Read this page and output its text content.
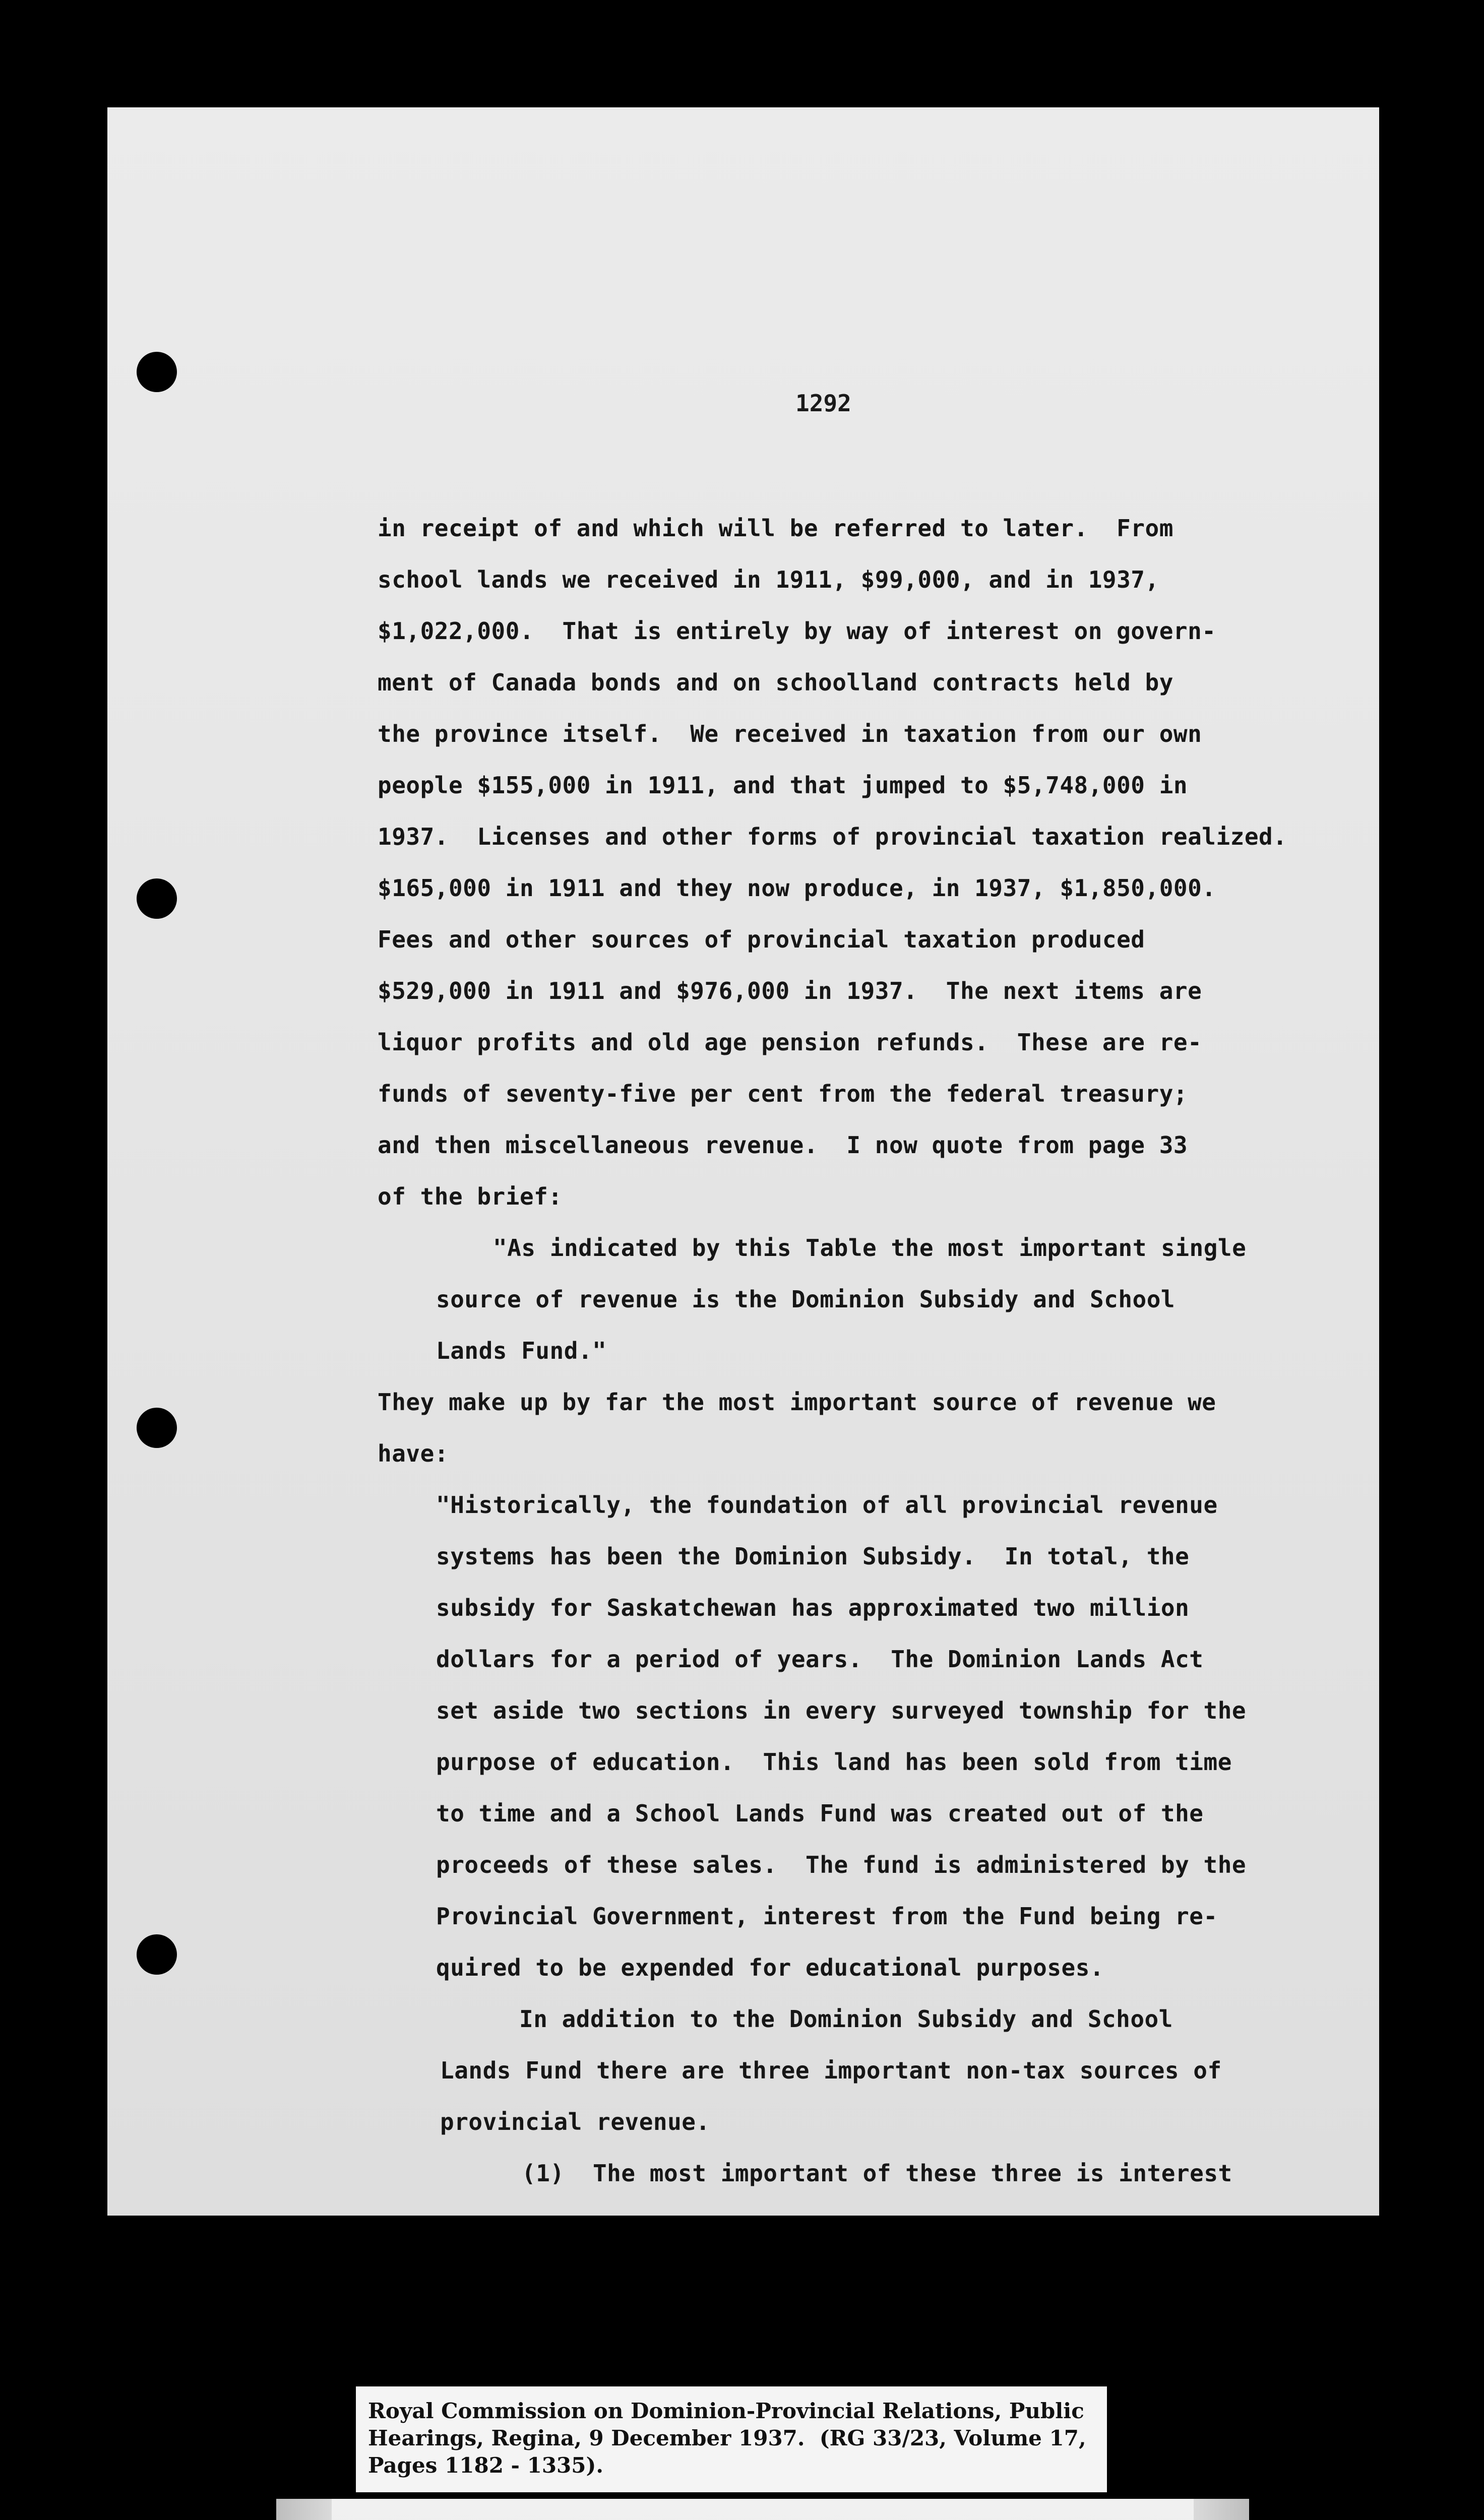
1292
in receipt of and which will be referred to later.  From
school lands we received in 1911, $99,000, and in 1937,
$1,022,000.  That is entirely by way of interest on govern-
ment of Canada bonds and on schoolland contracts held by
the province itself.  We received in taxation from our own
people $155,000 in 1911, and that jumped to $5,748,000 in
1937.  Licenses and other forms of provincial taxation realized.
$165,000 in 1911 and they now produce, in 1937, $1,850,000.
Fees and other sources of provincial taxation produced
$529,000 in 1911 and $976,000 in 1937.  The next items are
liquor profits and old age pension refunds.  These are re-
funds of seventy-five per cent from the federal treasury;
and then miscellaneous revenue.  I now quote from page 33
of the brief:
"As indicated by this Table the most important single
source of revenue is the Dominion Subsidy and School
Lands Fund."
They make up by far the most important source of revenue we
have:
"Historically, the foundation of all provincial revenue
systems has been the Dominion Subsidy.  In total, the
subsidy for Saskatchewan has approximated two million
dollars for a period of years.  The Dominion Lands Act
set aside two sections in every surveyed township for the
purpose of education.  This land has been sold from time
to time and a School Lands Fund was created out of the
proceeds of these sales.  The fund is administered by the
Provincial Government, interest from the Fund being re-
quired to be expended for educational purposes.
In addition to the Dominion Subsidy and School
Lands Fund there are three important non-tax sources of
provincial revenue.
(1)  The most important of these three is interest
Royal Commission on Dominion-Provincial Relations, Public
Hearings, Regina, 9 December 1937.  (RG 33/23, Volume 17,
Pages 1182 - 1335).
